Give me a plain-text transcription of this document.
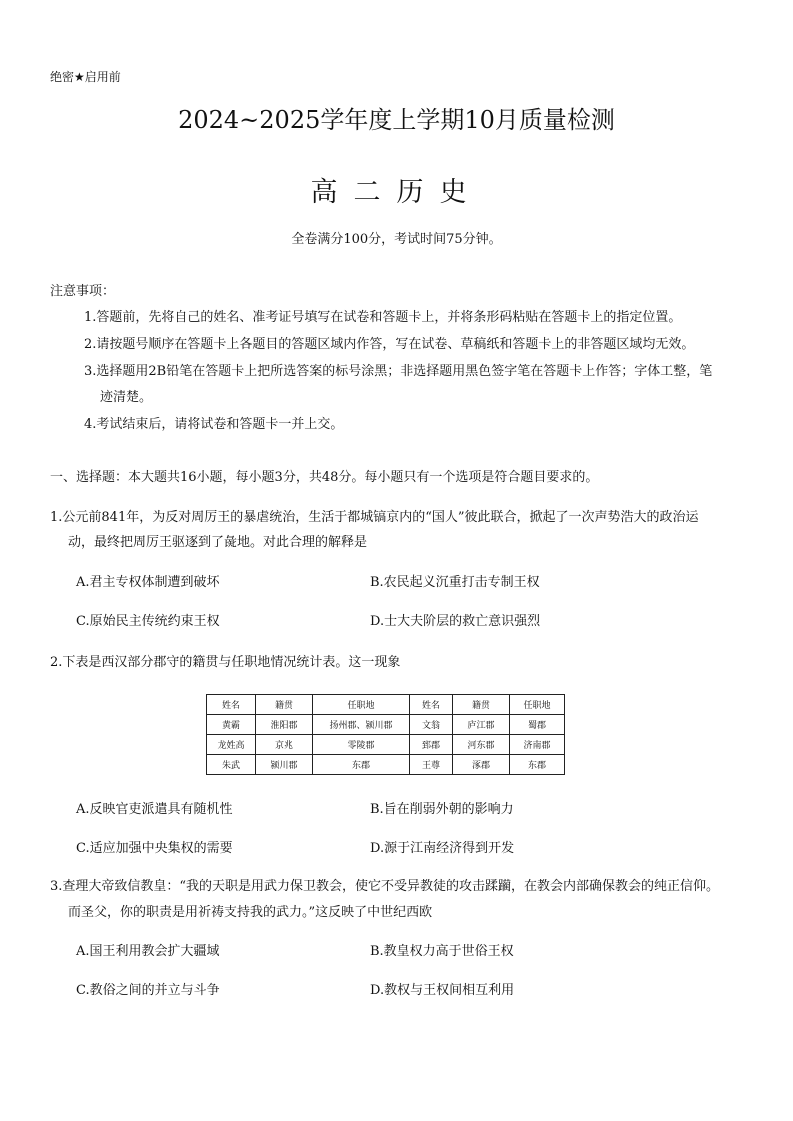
绝密★启用前
2024~2025学年度上学期10月质量检测
高二历史
全卷满分100分，考试时间75分钟。
注意事项：
1.答题前，先将自己的姓名、准考证号填写在试卷和答题卡上，并将条形码粘贴在答题卡上的指定位置。
2.请按题号顺序在答题卡上各题目的答题区域内作答，写在试卷、草稿纸和答题卡上的非答题区域均无效。
3.选择题用2B铅笔在答题卡上把所选答案的标号涂黑；非选择题用黑色签字笔在答题卡上作答；字体工整，笔
迹清楚。
4.考试结束后，请将试卷和答题卡一并上交。
一、选择题：本大题共16小题，每小题3分，共48分。每小题只有一个选项是符合题目要求的。
1.公元前841年，为反对周厉王的暴虐统治，生活于都城镐京内的“国人”彼此联合，掀起了一次声势浩大的政治运
动，最终把周厉王驱逐到了彘地。对此合理的解释是
A.君主专权体制遭到破坏	B.农民起义沉重打击专制王权
C.原始民主传统约束王权	D.士大夫阶层的救亡意识强烈
2.下表是西汉部分郡守的籍贯与任职地情况统计表。这一现象
姓名	籍贯	任职地	姓名	籍贯	任职地
黄霸	淮阳郡	扬州郡、颍川郡	文翁	庐江郡	蜀郡
龙姓高	京兆	零陵郡	郅郡	河东郡	济南郡
朱武	颍川郡	东郡	王尊	涿郡	东郡
A.反映官吏派遣具有随机性	B.旨在削弱外朝的影响力
C.适应加强中央集权的需要	D.源于江南经济得到开发
3.查理大帝致信教皇：“我的天职是用武力保卫教会，使它不受异教徒的攻击蹂躏，在教会内部确保教会的纯正信仰。
而圣父，你的职责是用祈祷支持我的武力。”这反映了中世纪西欧
A.国王利用教会扩大疆域	B.教皇权力高于世俗王权
C.教俗之间的并立与斗争	D.教权与王权间相互利用
